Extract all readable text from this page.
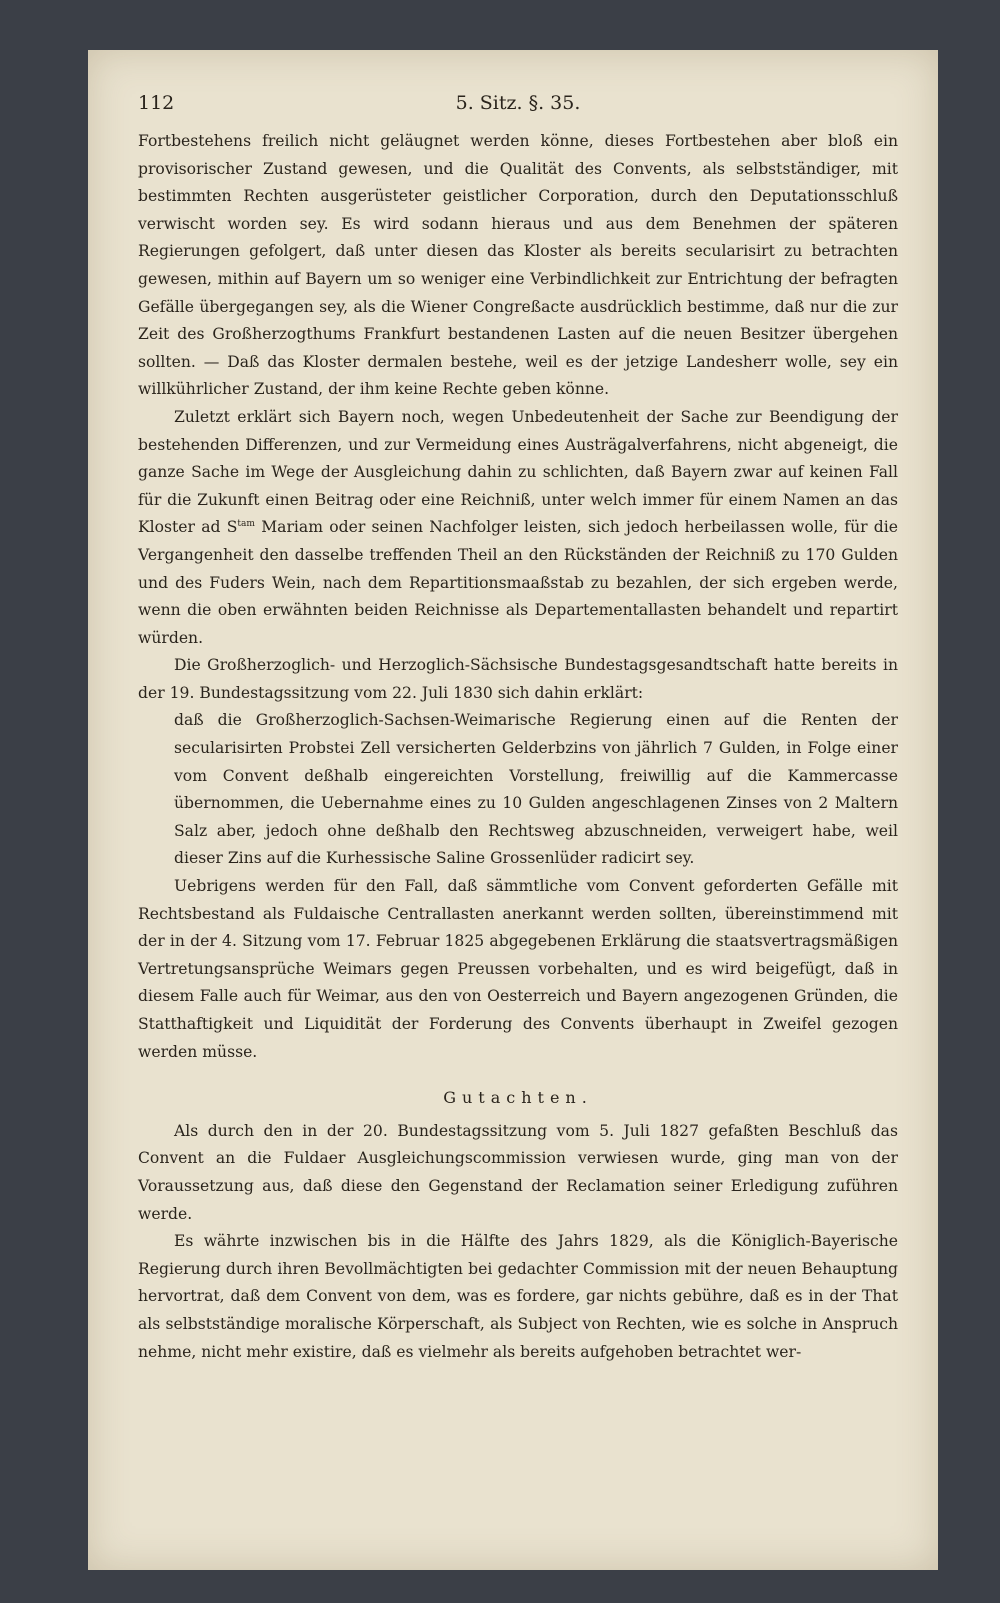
112	5. Sitz. §. 35.

Fortbestehens freilich nicht geläugnet werden könne, dieses Fortbestehen aber bloß ein provisorischer Zustand gewesen, und die Qualität des Convents, als selbstständiger, mit bestimmten Rechten ausgerüsteter geistlicher Corporation, durch den Deputationsschluß verwischt worden sey. Es wird sodann hieraus und aus dem Benehmen der späteren Regierungen gefolgert, daß unter diesen das Kloster als bereits secularisirt zu betrachten gewesen, mithin auf Bayern um so weniger eine Verbindlichkeit zur Entrichtung der befragten Gefälle übergegangen sey, als die Wiener Congreßacte ausdrücklich bestimme, daß nur die zur Zeit des Großherzogthums Frankfurt bestandenen Lasten auf die neuen Besitzer übergehen sollten. — Daß das Kloster dermalen bestehe, weil es der jetzige Landesherr wolle, sey ein willkührlicher Zustand, der ihm keine Rechte geben könne.

Zuletzt erklärt sich Bayern noch, wegen Unbedeutenheit der Sache zur Beendigung der bestehenden Differenzen, und zur Vermeidung eines Austrägalverfahrens, nicht abgeneigt, die ganze Sache im Wege der Ausgleichung dahin zu schlichten, daß Bayern zwar auf keinen Fall für die Zukunft einen Beitrag oder eine Reichniß, unter welch immer für einem Namen an das Kloster ad $S^{tam}$ Mariam oder seinen Nachfolger leisten, sich jedoch herbeilassen wolle, für die Vergangenheit den dasselbe treffenden Theil an den Rückständen der Reichniß zu 170 Gulden und des Fuders Wein, nach dem Repartitionsmaaßstab zu bezahlen, der sich ergeben werde, wenn die oben erwähnten beiden Reichnisse als Departementallasten behandelt und repartirt würden.

Die Großherzoglich- und Herzoglich-Sächsische Bundestagsgesandtschaft hatte bereits in der 19. Bundestagssitzung vom 22. Juli 1830 sich dahin erklärt:

daß die Großherzoglich-Sachsen-Weimarische Regierung einen auf die Renten der secularisirten Probstei Zell versicherten Gelderbzins von jährlich 7 Gulden, in Folge einer vom Convent deßhalb eingereichten Vorstellung, freiwillig auf die Kammercasse übernommen, die Uebernahme eines zu 10 Gulden angeschlagenen Zinses von 2 Maltern Salz aber, jedoch ohne deßhalb den Rechtsweg abzuschneiden, verweigert habe, weil dieser Zins auf die Kurhessische Saline Grossenlüder radicirt sey.

Uebrigens werden für den Fall, daß sämmtliche vom Convent geforderten Gefälle mit Rechtsbestand als Fuldaische Centrallasten anerkannt werden sollten, übereinstimmend mit der in der 4. Sitzung vom 17. Februar 1825 abgegebenen Erklärung die staatsvertragsmäßigen Vertretungsansprüche Weimars gegen Preussen vorbehalten, und es wird beigefügt, daß in diesem Falle auch für Weimar, aus den von Oesterreich und Bayern angezogenen Gründen, die Statthaftigkeit und Liquidität der Forderung des Convents überhaupt in Zweifel gezogen werden müsse.

Gutachten.

Als durch den in der 20. Bundestagssitzung vom 5. Juli 1827 gefaßten Beschluß das Convent an die Fuldaer Ausgleichungscommission verwiesen wurde, ging man von der Voraussetzung aus, daß diese den Gegenstand der Reclamation seiner Erledigung zuführen werde.

Es währte inzwischen bis in die Hälfte des Jahrs 1829, als die Königlich-Bayerische Regierung durch ihren Bevollmächtigten bei gedachter Commission mit der neuen Behauptung hervortrat, daß dem Convent von dem, was es fordere, gar nichts gebühre, daß es in der That als selbstständige moralische Körperschaft, als Subject von Rechten, wie es solche in Anspruch nehme, nicht mehr existire, daß es vielmehr als bereits aufgehoben betrachtet wer-
